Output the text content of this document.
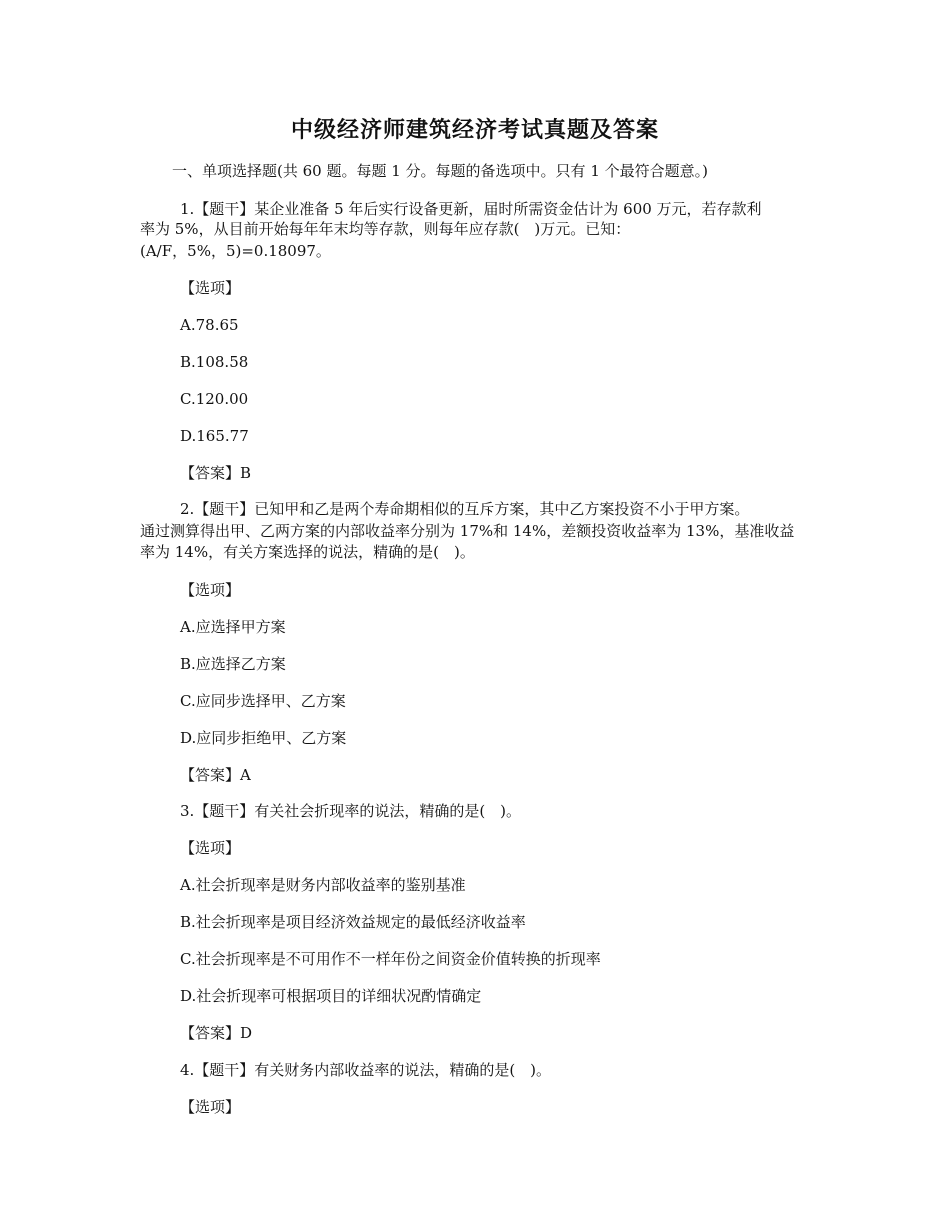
中级经济师建筑经济考试真题及答案

一、单项选择题(共 60 题。每题 1 分。每题的备选项中。只有 1 个最符合题意。)

1.【题干】某企业准备 5 年后实行设备更新，届时所需资金估计为 600 万元，若存款利

率为 5%，从目前开始每年年末均等存款，则每年应存款(　)万元。已知：

(A/F，5%，5)=0.18097。

【选项】

A.78.65

B.108.58

C.120.00

D.165.77

【答案】B

2.【题干】已知甲和乙是两个寿命期相似的互斥方案，其中乙方案投资不小于甲方案。

通过测算得出甲、乙两方案的内部收益率分别为 17%和 14%，差额投资收益率为 13%，基准收益

率为 14%，有关方案选择的说法，精确的是(　)。

【选项】

A.应选择甲方案

B.应选择乙方案

C.应同步选择甲、乙方案

D.应同步拒绝甲、乙方案

【答案】A

3.【题干】有关社会折现率的说法，精确的是(　)。

【选项】

A.社会折现率是财务内部收益率的鉴别基准

B.社会折现率是项目经济效益规定的最低经济收益率

C.社会折现率是不可用作不一样年份之间资金价值转换的折现率

D.社会折现率可根据项目的详细状况酌情确定

【答案】D

4.【题干】有关财务内部收益率的说法，精确的是(　)。

【选项】
